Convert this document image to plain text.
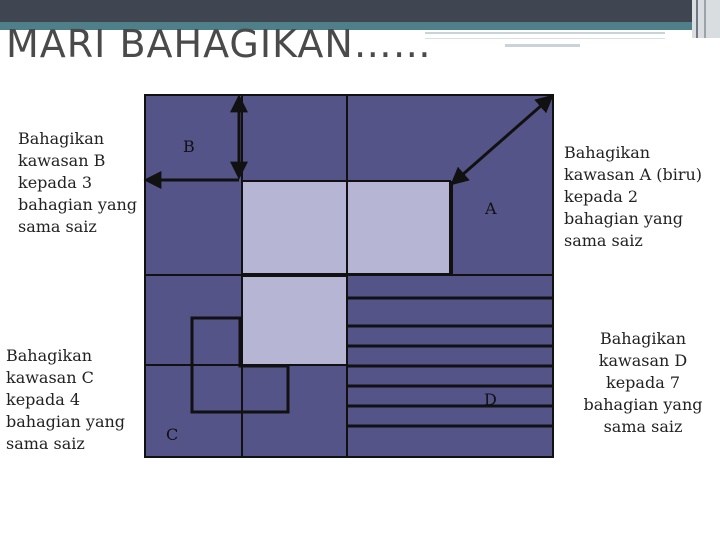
MARI BAHAGIKAN……
Bahagikan kawasan B kepada 3 bahagian yang sama saiz
Bahagikan kawasan C kepada 4 bahagian yang sama saiz
Bahagikan kawasan A (biru) kepada 2 bahagian yang sama saiz
Bahagikan kawasan D kepada 7 bahagian yang sama saiz
B
A
D
C
